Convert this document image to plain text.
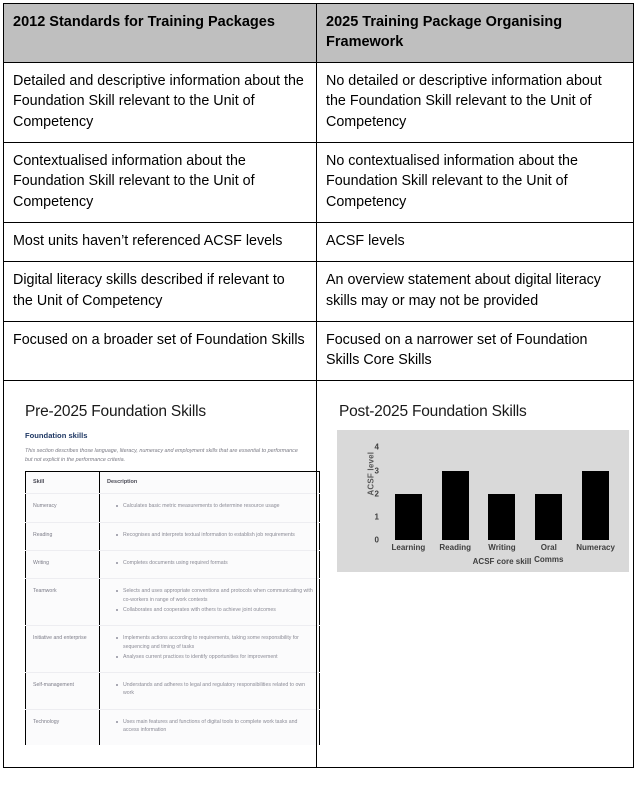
2012 Standards for Training Packages	2025 Training Package Organising Framework
Detailed and descriptive information about the Foundation Skill relevant to the Unit of Competency	No detailed or descriptive information about the Foundation Skill relevant to the Unit of Competency
Contextualised information about the Foundation Skill relevant to the Unit of Competency	No contextualised information about the Foundation Skill relevant to the Unit of Competency
Most units haven’t referenced ACSF levels	ACSF levels
Digital literacy skills described if relevant to the Unit of Competency	An overview statement about digital literacy skills may or may not be provided
Focused on a broader set of Foundation Skills	Focused on a narrower set of Foundation Skills Core Skills

Pre-2025 Foundation Skills
Foundation skills
This section describes those language, literacy, numeracy and employment skills that are essential to performance but not explicit in the performance criteria.
Skill	Description
Numeracy	Calculates basic metric measurements to determine resource usage

Reading	Recognises and interprets textual information to establish job requirements

Writing	Completes documents using required formats

Teamwork	Selects and uses appropriate conventions and protocols when communicating with co-workers in range of work contexts
Collaborates and cooperates with others to achieve joint outcomes

Initiative and enterprise	Implements actions according to requirements, taking some responsibility for sequencing and timing of tasks
Analyses current practices to identify opportunities for improvement

Self-management	Understands and adheres to legal and regulatory responsibilities related to own work

Technology	Uses main features and functions of digital tools to complete work tasks and access information

Post-2025 Foundation Skills
ACSF level
0
1
2
3
4
Learning	Reading	Writing	Oral Comms
Numeracy
ACSF core skill
